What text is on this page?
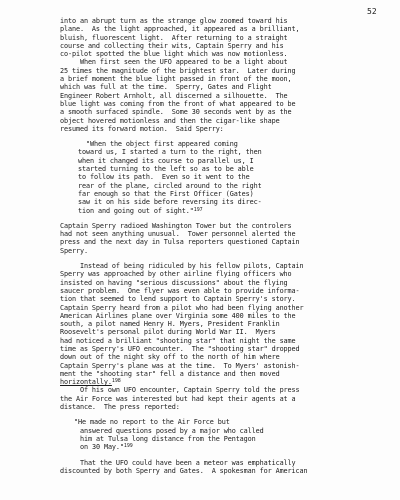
52
into an abrupt turn as the strange glow zoomed toward his
plane.  As the light approached, it appeared as a brilliant,
bluish, fluorescent light.  After returning to a straight
course and collecting their wits, Captain Sperry and his
co-pilot spotted the blue light which was now motionless.
When first seen the UFO appeared to be a light about
25 times the magnitude of the brightest star.  Later during
a brief moment the blue light passed in front of the moon,
which was full at the time.  Sperry, Gates and Flight
Engineer Robert Arnholt, all discerned a silhouette.  The
blue light was coming from the front of what appeared to be
a smooth surfaced spindle.  Some 30 seconds went by as the
object hovered motionless and then the cigar-like shape
resumed its forward motion.  Said Sperry:
"When the object first appeared coming
toward us, I started a turn to the right, then
when it changed its course to parallel us, I
started turning to the left so as to be able
to follow its path.  Even so it went to the
rear of the plane, circled around to the right
far enough so that the First Officer (Gates)
saw it on his side before reversing its direc-
tion and going out of sight."$^{197}$
Captain Sperry radioed Washington Tower but the controlers
had not seen anything unusual.  Tower personnel alerted the
press and the next day in Tulsa reporters questioned Captain
Sperry.
Instead of being ridiculed by his fellow pilots, Captain
Sperry was approached by other airline flying officers who
insisted on having "serious discussions" about the flying
saucer problem.  One flyer was even able to provide informa-
tion that seemed to lend support to Captain Sperry's story.
Captain Sperry heard from a pilot who had been flying another
American Airlines plane over Virginia some 400 miles to the
south, a pilot named Henry H. Myers, President Franklin
Roosevelt's personal pilot during World War II.  Myers
had noticed a brilliant "shooting star" that night the same
time as Sperry's UFO encounter.  The "shooting star" dropped
down out of the night sky off to the north of him where
Captain Sperry's plane was at the time.  To Myers' astonish-
ment the "shooting star" fell a distance and then moved
horizontally.$^{198}$
Of his own UFO encounter, Captain Sperry told the press
the Air Force was interested but had kept their agents at a
distance.  The press reported:
"He made no report to the Air Force but
answered questions posed by a major who called
him at Tulsa long distance from the Pentagon
on 30 May."$^{199}$
That the UFO could have been a meteor was emphatically
discounted by both Sperry and Gates.  A spokesman for American
